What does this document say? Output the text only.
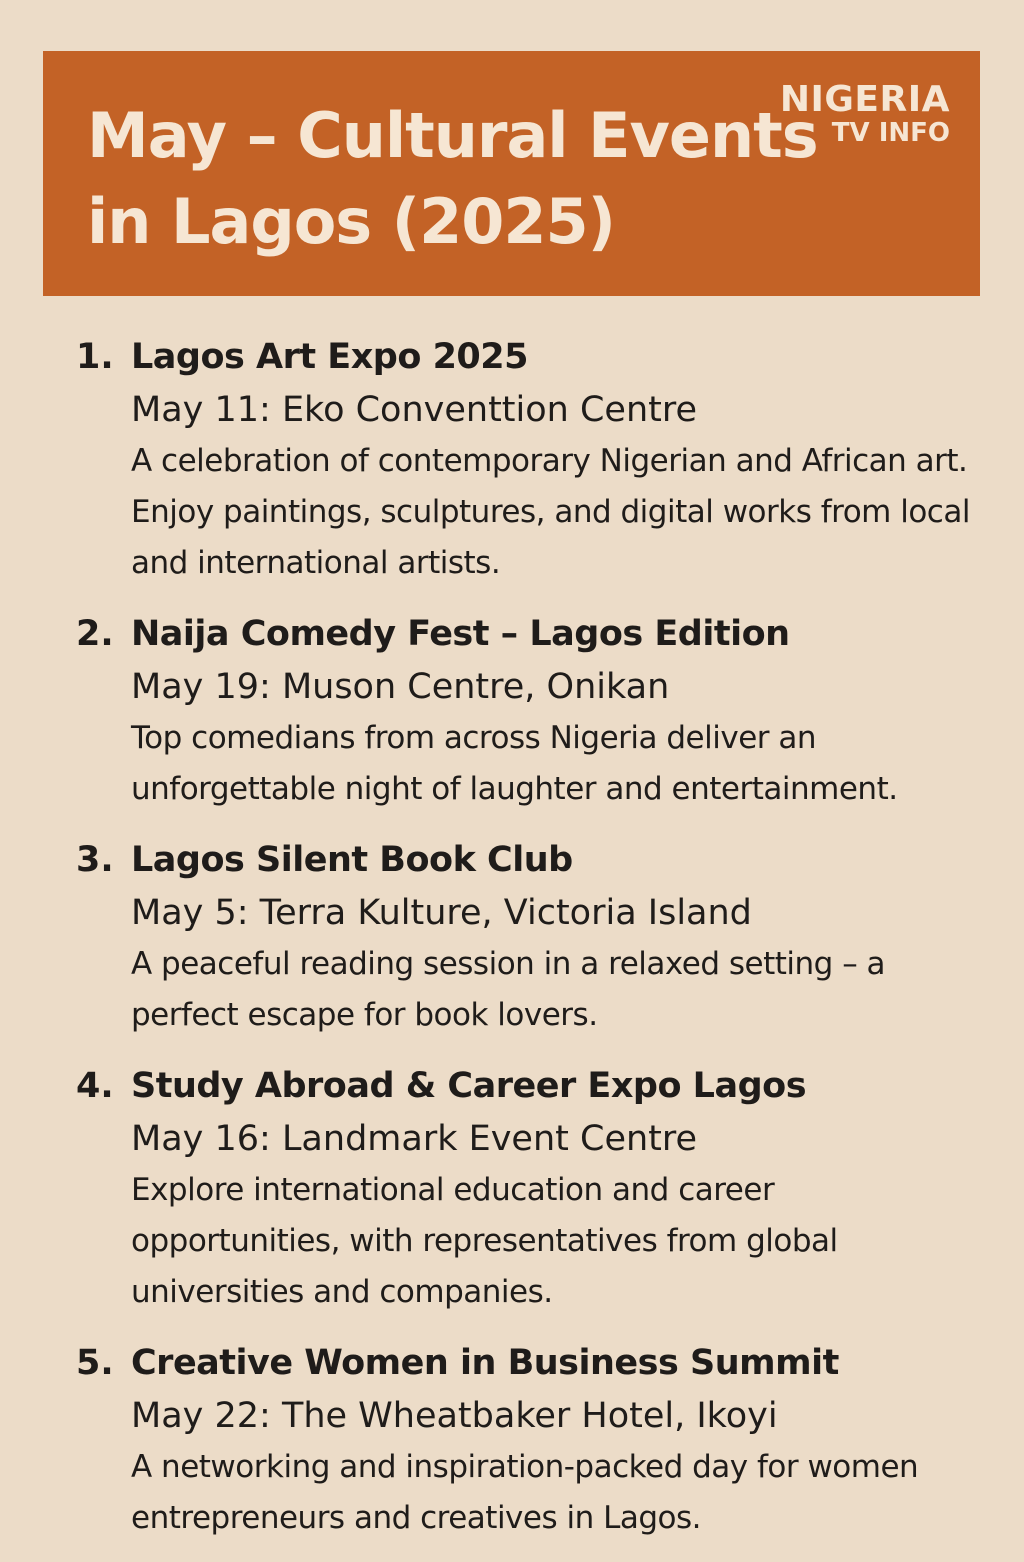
May – Cultural Events in Lagos (2025)
NIGERIA
TV INFO
1. Lagos Art Expo 2025
May 11: Eko Conventtion Centre
A celebration of contemporary Nigerian and African art. Enjoy paintings, sculptures, and digital works from local and international artists.
2. Naija Comedy Fest – Lagos Edition
May 19: Muson Centre, Onikan
Top comedians from across Nigeria deliver an unforgettable night of laughter and entertainment.
3. Lagos Silent Book Club
May 5: Terra Kulture, Victoria Island
A peaceful reading session in a relaxed setting – a perfect escape for book lovers.
4. Study Abroad & Career Expo Lagos
May 16: Landmark Event Centre
Explore international education and career opportunities, with representatives from global universities and companies.
5. Creative Women in Business Summit
May 22: The Wheatbaker Hotel, Ikoyi
A networking and inspiration-packed day for women entrepreneurs and creatives in Lagos.
